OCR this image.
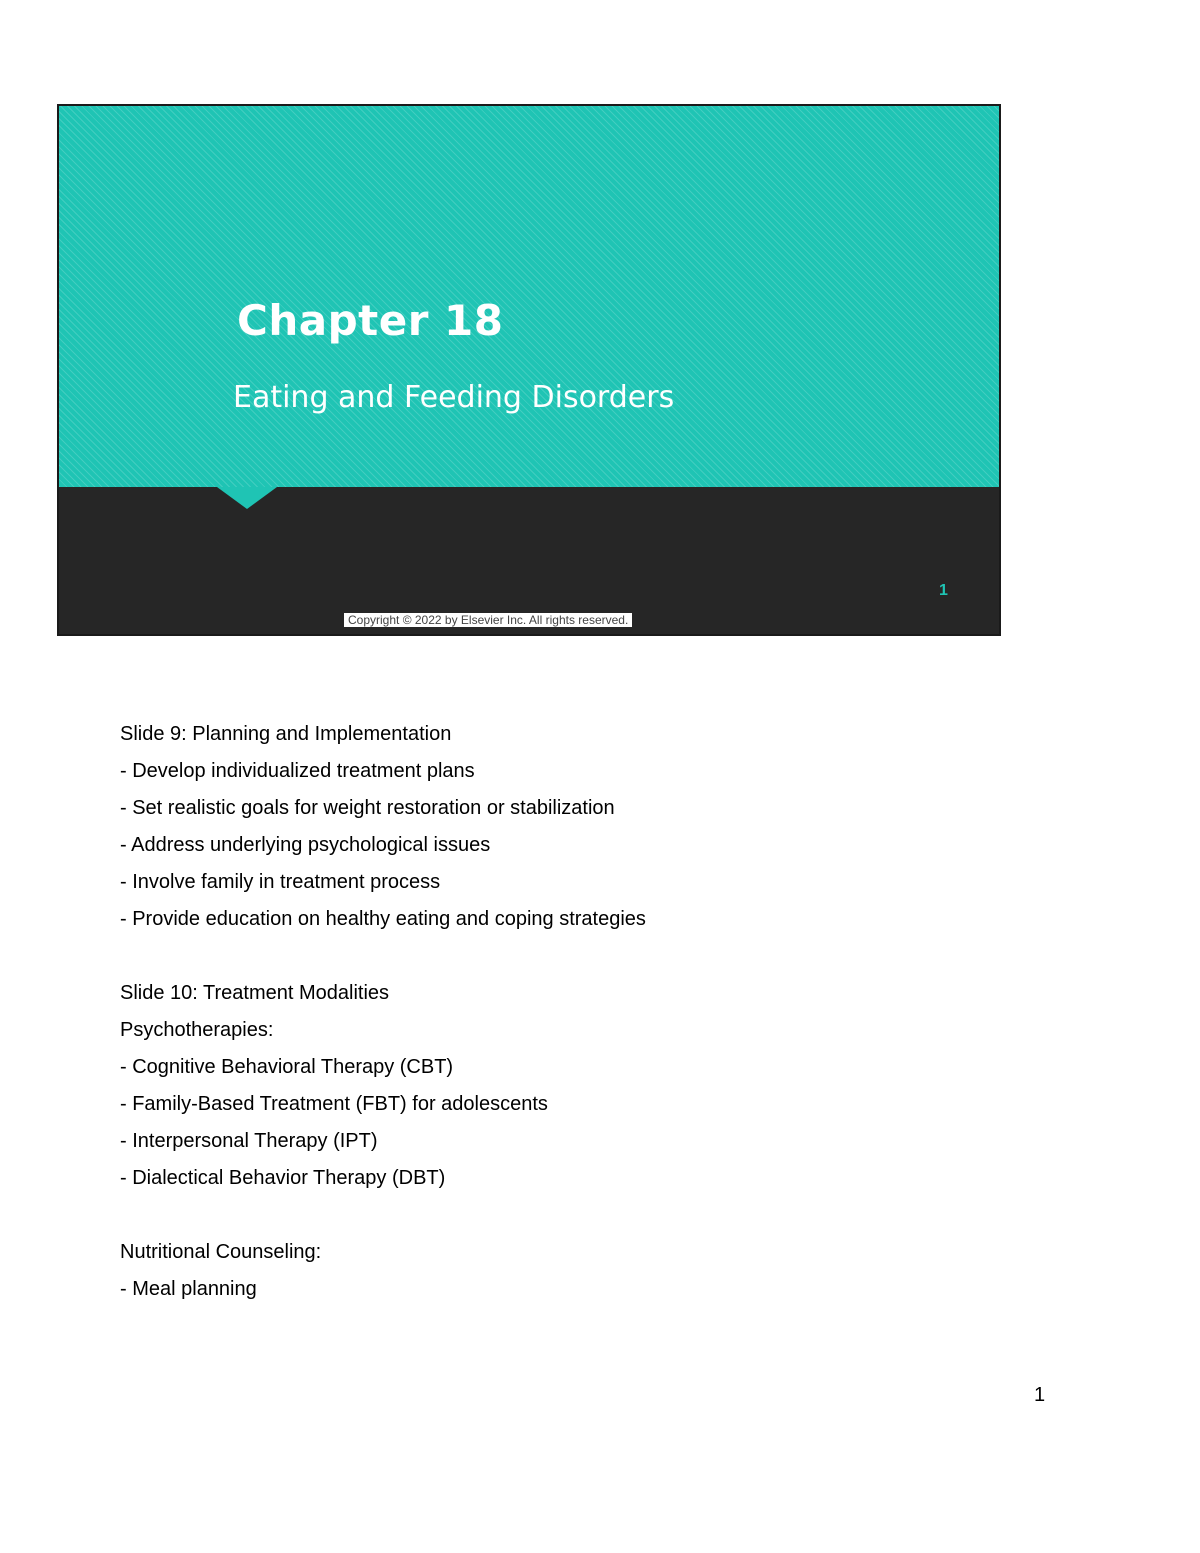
Chapter 18
Eating and Feeding Disorders
1
Copyright © 2022 by Elsevier Inc. All rights reserved.
Slide 9: Planning and Implementation
- Develop individualized treatment plans
- Set realistic goals for weight restoration or stabilization
- Address underlying psychological issues
- Involve family in treatment process
- Provide education on healthy eating and coping strategies
Slide 10: Treatment Modalities
Psychotherapies:
- Cognitive Behavioral Therapy (CBT)
- Family-Based Treatment (FBT) for adolescents
- Interpersonal Therapy (IPT)
- Dialectical Behavior Therapy (DBT)
Nutritional Counseling:
- Meal planning
1
